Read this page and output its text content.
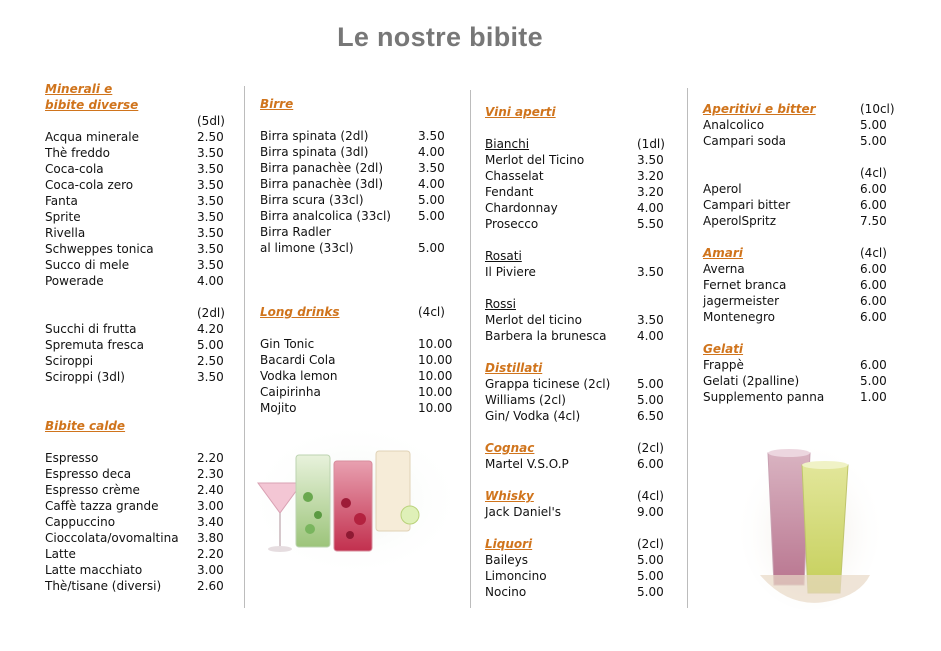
Le nostre bibite
Minerali e
bibite diverse
(5dl)
Acqua minerale	2.50
Thè freddo	3.50
Coca-cola	3.50
Coca-cola zero	3.50
Fanta	3.50
Sprite	3.50
Rivella	3.50
Schweppes tonica	3.50
Succo di mele	3.50
Powerade	4.00
(2dl)
Succhi di frutta	4.20
Spremuta fresca	5.00
Sciroppi	2.50
Sciroppi (3dl)	3.50
Bibite calde
Espresso	2.20
Espresso deca	2.30
Espresso crème	2.40
Caffè tazza grande	3.00
Cappuccino	3.40
Cioccolata/ovomaltina 3.80
Latte	2.20
Latte macchiato	3.00
Thè/tisane (diversi)	2.60
Birre
Birra spinata (2dl)	3.50
Birra spinata (3dl)	4.00
Birra panachèe (2dl)	3.50
Birra panachèe (3dl)	4.00
Birra scura (33cl)	5.00
Birra analcolica (33cl) 5.00
Birra Radler
al limone (33cl)	5.00
Long drinks	(4cl)
Gin Tonic	10.00
Bacardi Cola	10.00
Vodka lemon	10.00
Caipirinha	10.00
Mojito	10.00
Vini aperti
Bianchi	(1dl)
Merlot del Ticino	3.50
Chasselat	3.20
Fendant	3.20
Chardonnay	4.00
Prosecco	5.50
Rosati
Il Piviere	3.50
Rossi
Merlot del ticino	3.50
Barbera la brunesca	4.00
Distillati
Grappa ticinese (2cl) 5.00
Williams (2cl)	5.00
Gin/ Vodka (4cl)	6.50
Cognac	(2cl)
Martel V.S.O.P	6.00
Whisky	(4cl)
Jack Daniel's	9.00
Liquori	(2cl)
Baileys	5.00
Limoncino	5.00
Nocino	5.00
Aperitivi e bitter	(10cl)
Analcolico	5.00
Campari soda	5.00
(4cl)
Aperol	6.00
Campari bitter	6.00
AperolSpritz	7.50
Amari	(4cl)
Averna	6.00
Fernet branca	6.00
jagermeister	6.00
Montenegro	6.00
Gelati
Frappè	6.00
Gelati (2palline)	5.00
Supplemento panna	1.00
